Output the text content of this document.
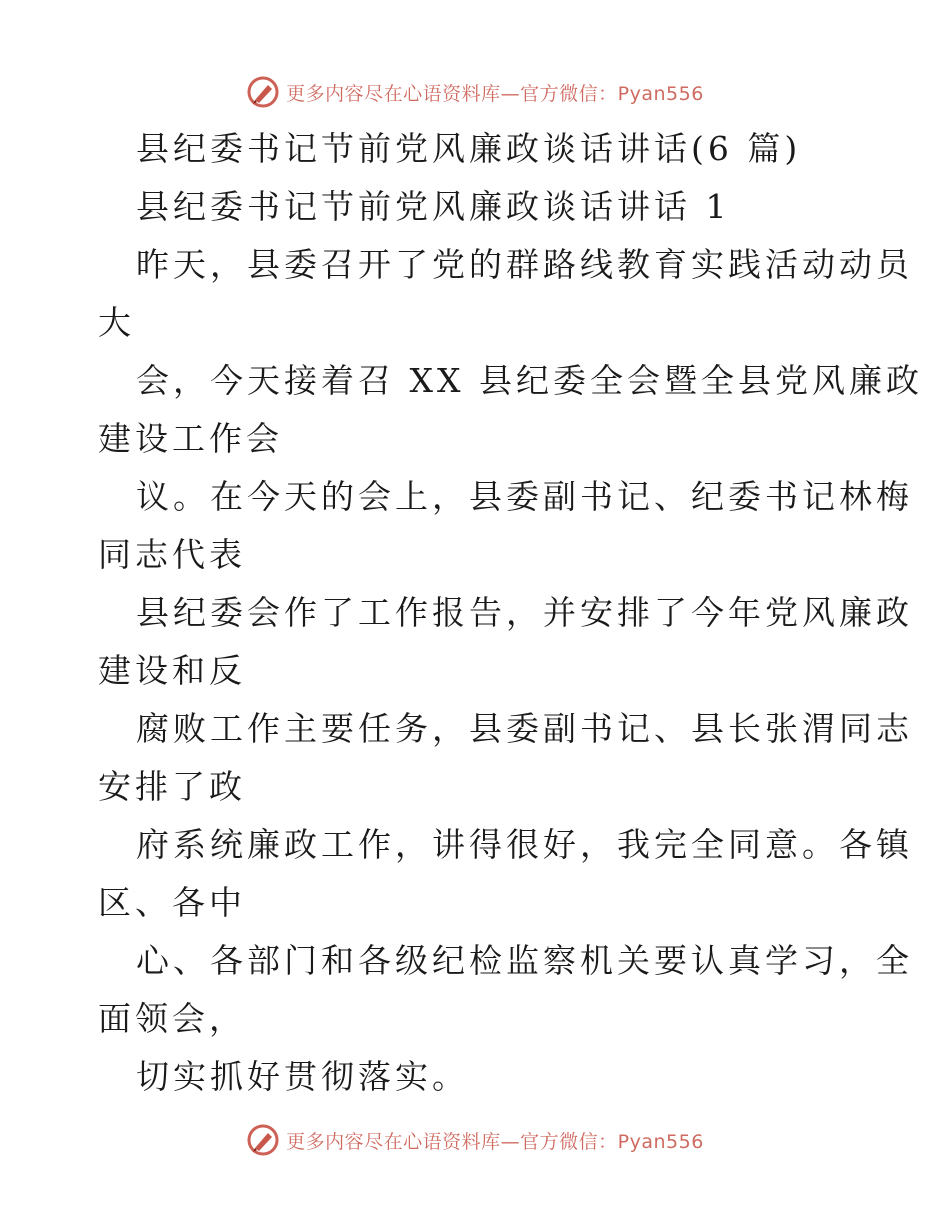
更多内容尽在心语资料库—官方微信：Pyan556
县纪委书记节前党风廉政谈话讲话(6 篇)
县纪委书记节前党风廉政谈话讲话 1
昨天，县委召开了党的群路线教育实践活动动员
大
会，今天接着召 XX 县纪委全会暨全县党风廉政
建设工作会
议。在今天的会上，县委副书记、纪委书记林梅
同志代表
县纪委会作了工作报告，并安排了今年党风廉政
建设和反
腐败工作主要任务，县委副书记、县长张渭同志
安排了政
府系统廉政工作，讲得很好，我完全同意。各镇
区、各中
心、各部门和各级纪检监察机关要认真学习，全
面领会，
切实抓好贯彻落实。
更多内容尽在心语资料库—官方微信：Pyan556
